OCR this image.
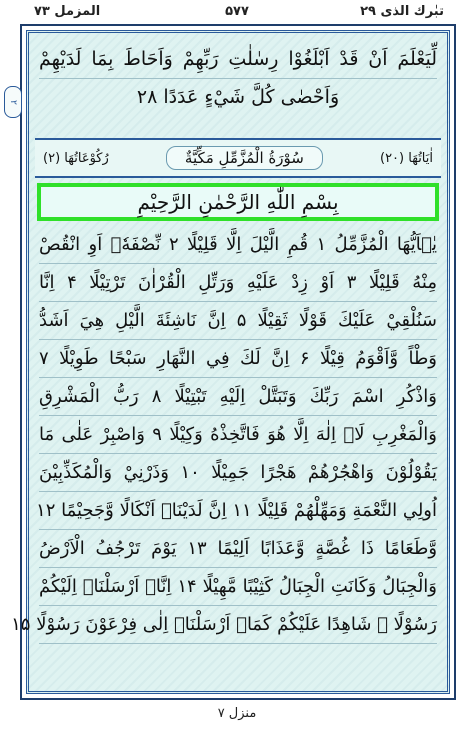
المزمل ۷۳	۵۷۷	تبٰرك الذی ۲۹
۲
لِّيَعْلَمَ اَنْ قَدْ اَبْلَغُوْا رِسٰلٰتِ رَبِّهِمْ وَاَحَاطَ بِمَا لَدَيْهِمْ
وَاَحْصٰى كُلَّ شَيْءٍ عَدَدًا ۲۸
اٰيَاتُهَا (۲۰)
سُوْرَةُ الْمُزَّمِّلِ مَكِّيَّةٌ
رُكُوْعَاتُهَا (۲)
بِسْمِ اللّٰهِ الرَّحْمٰنِ الرَّحِيْمِ
يٰۤاَيُّهَا الْمُزَّمِّلُ ۱ قُمِ الَّيْلَ اِلَّا قَلِيْلًا ۲ نِّصْفَهٗۤ اَوِ انْقُصْ
مِنْهُ قَلِيْلًا ۳ اَوْ زِدْ عَلَيْهِ وَرَتِّلِ الْقُرْاٰنَ تَرْتِيْلًا ۴ اِنَّا
سَنُلْقِيْ عَلَيْكَ قَوْلًا ثَقِيْلًا ۵ اِنَّ نَاشِئَةَ الَّيْلِ هِيَ اَشَدُّ
وَطْاً وَّاَقْوَمُ قِيْلًا ۶ اِنَّ لَكَ فِي النَّهَارِ سَبْحًا طَوِيْلًا ۷
وَاذْكُرِ اسْمَ رَبِّكَ وَتَبَتَّلْ اِلَيْهِ تَبْتِيْلًا ۸ رَبُّ الْمَشْرِقِ
وَالْمَغْرِبِ لَاۤ اِلٰهَ اِلَّا هُوَ فَاتَّخِذْهُ وَكِيْلًا ۹ وَاصْبِرْ عَلٰى مَا
يَقُوْلُوْنَ وَاهْجُرْهُمْ هَجْرًا جَمِيْلًا ۱۰ وَذَرْنِيْ وَالْمُكَذِّبِيْنَ
اُولِي النَّعْمَةِ وَمَهِّلْهُمْ قَلِيْلًا ۱۱ اِنَّ لَدَيْنَاۤ اَنْكَالًا وَّجَحِيْمًا ۱۲
وَّطَعَامًا ذَا غُصَّةٍ وَّعَذَابًا اَلِيْمًا ۱۳ يَوْمَ تَرْجُفُ الْاَرْضُ
وَالْجِبَالُ وَكَانَتِ الْجِبَالُ كَثِيْبًا مَّهِيْلًا ۱۴ اِنَّاۤ اَرْسَلْنَاۤ اِلَيْكُمْ
رَسُوْلًا ۙ شَاهِدًا عَلَيْكُمْ كَمَاۤ اَرْسَلْنَاۤ اِلٰى فِرْعَوْنَ رَسُوْلًا ۱۵
منزل ۷
